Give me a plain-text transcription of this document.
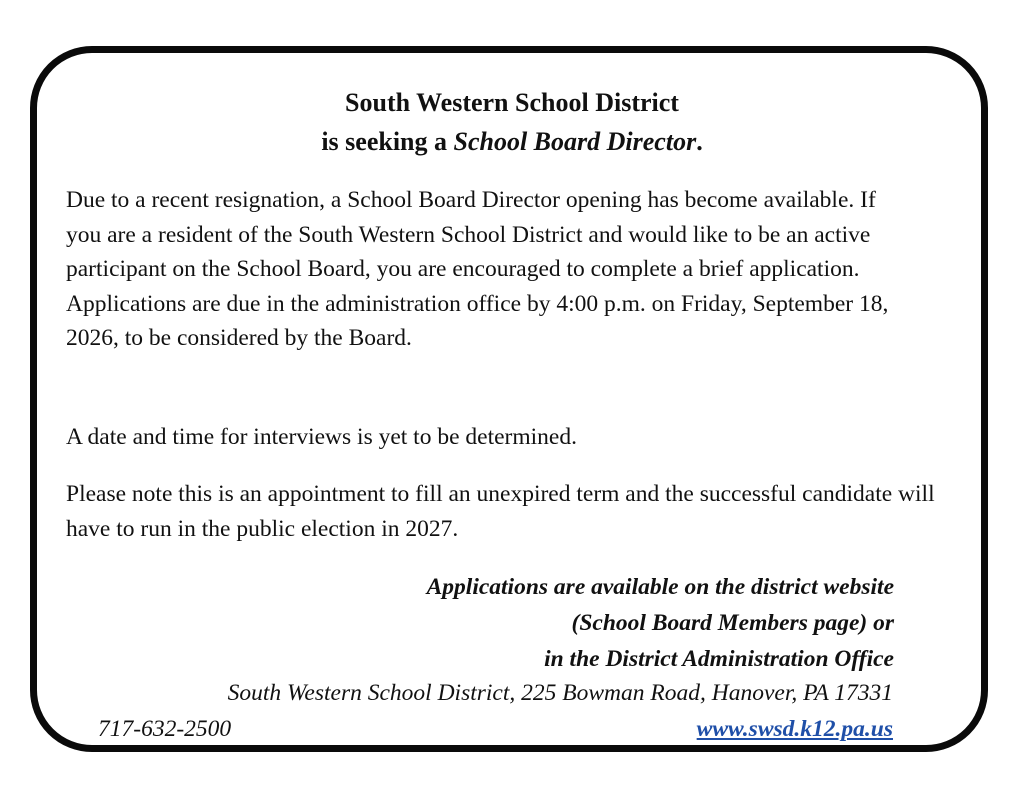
South Western School District
is seeking a School Board Director.

Due to a recent resignation, a School Board Director opening has become available. If you are a resident of the South Western School District and would like to be an active participant on the School Board, you are encouraged to complete a brief application. Applications are due in the administration office by 4:00 p.m. on Friday, September 18, 2026, to be considered by the Board.

A date and time for interviews is yet to be determined.

Please note this is an appointment to fill an unexpired term and the successful candidate will have to run in the public election in 2027.

Applications are available on the district website
(School Board Members page) or
in the District Administration Office
South Western School District, 225 Bowman Road, Hanover, PA 17331
717-632-2500	www.swsd.k12.pa.us
